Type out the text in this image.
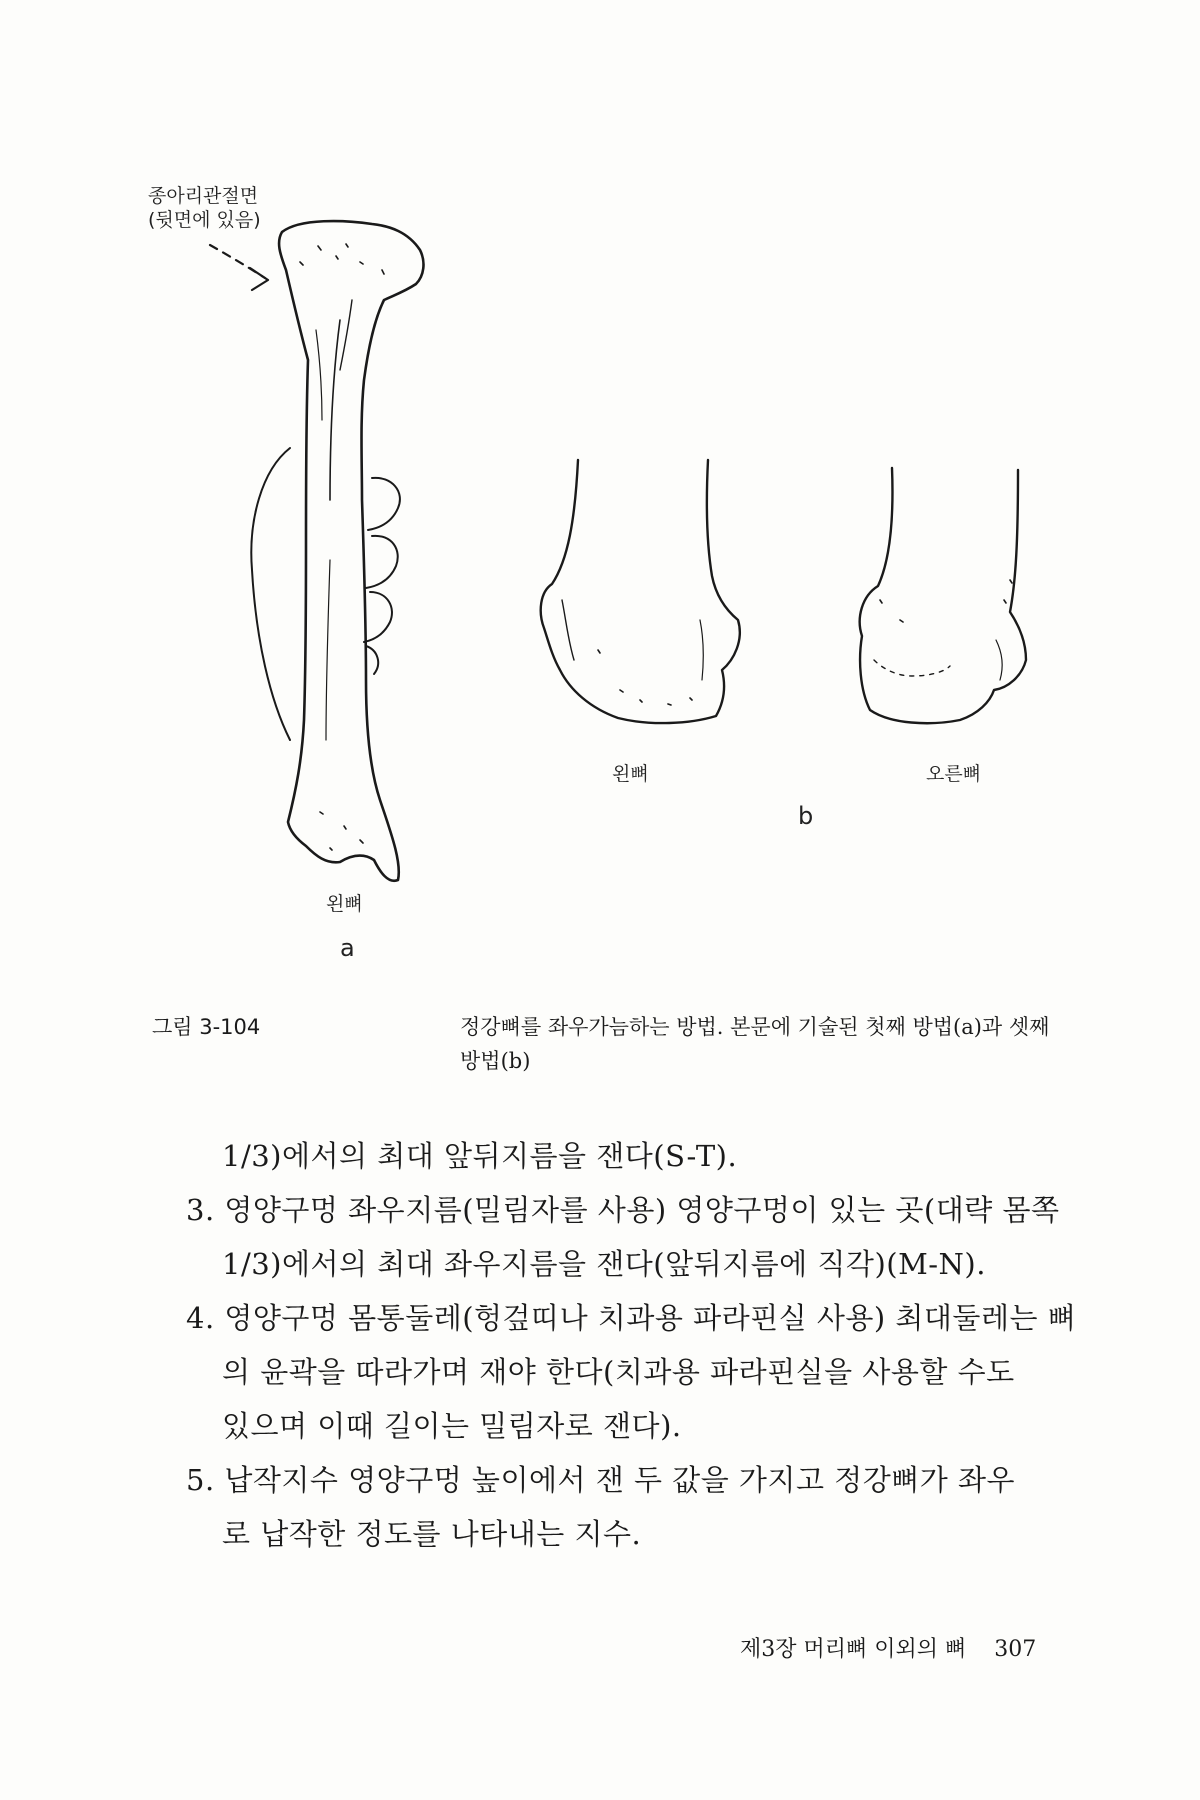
종아리관절면
(뒷면에 있음)
왼뼈
a
왼뼈	오른뼈
b
그림 3-104	정강뼈를 좌우가늠하는 방법. 본문에 기술된 첫째 방법(a)과 셋째
방법(b)
1/3)에서의 최대 앞뒤지름을 잰다(S-T).
3. 영양구멍 좌우지름(밀림자를 사용) 영양구멍이 있는 곳(대략 몸쪽
1/3)에서의 최대 좌우지름을 잰다(앞뒤지름에 직각)(M-N).
4. 영양구멍 몸통둘레(헝겊띠나 치과용 파라핀실 사용) 최대둘레는 뼈
의 윤곽을 따라가며 재야 한다(치과용 파라핀실을 사용할 수도
있으며 이때 길이는 밀림자로 잰다).
5. 납작지수 영양구멍 높이에서 잰 두 값을 가지고 정강뼈가 좌우
로 납작한 정도를 나타내는 지수.
제3장 머리뼈 이외의 뼈 307
